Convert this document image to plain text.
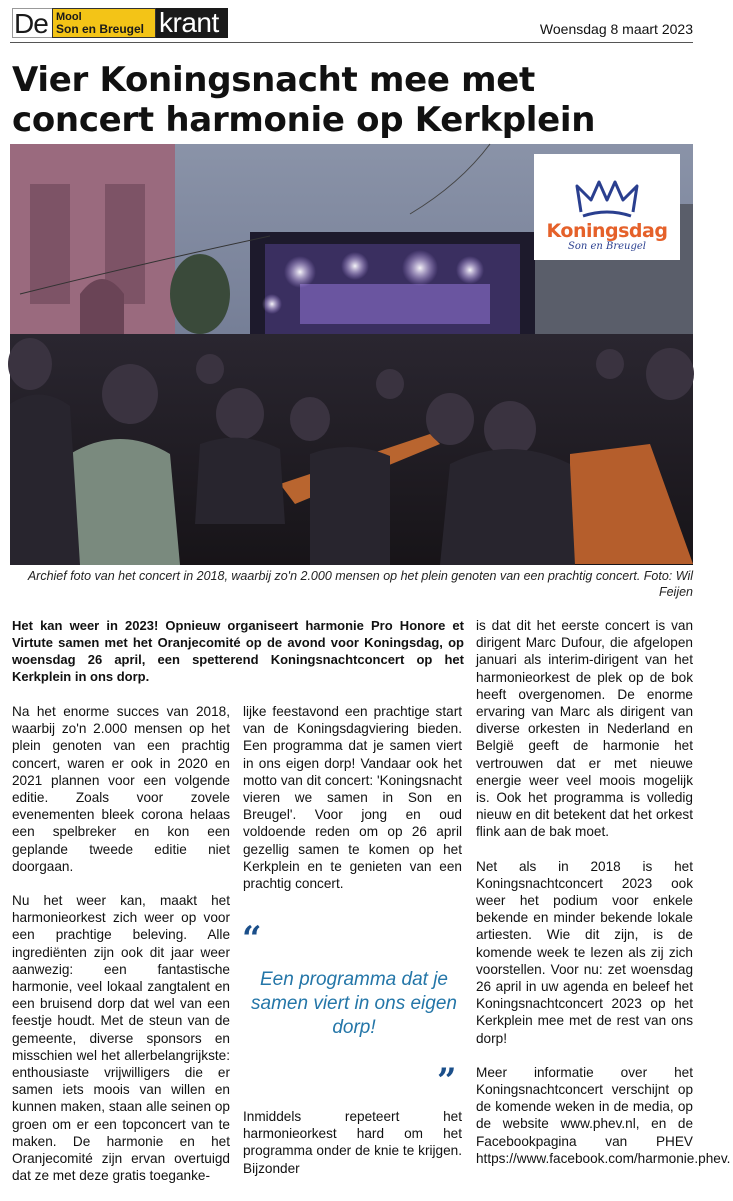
De Mool
Son en Breugel krant	Woensdag 8 maart 2023
Vier Koningsnacht mee met concert harmonie op Kerkplein
Koningsdag
Son en Breugel
Archief foto van het concert in 2018, waarbij zo'n 2.000 mensen op het plein genoten van een prachtig concert. Foto: Wil Feijen
Het kan weer in 2023! Opnieuw organiseert harmonie Pro Honore et Virtute samen met het Oranjecomité op de avond voor Koningsdag, op woensdag 26 april, een spetterend Koningsnachtconcert op het Kerkplein in ons dorp.

Na het enorme succes van 2018, waarbij zo'n 2.000 mensen op het plein genoten van een prachtig concert, waren er ook in 2020 en 2021 plannen voor een volgende editie. Zoals voor zovele evenementen bleek corona helaas een spelbreker en kon een geplande tweede editie niet doorgaan.

Nu het weer kan, maakt het harmonieorkest zich weer op voor een prachtige beleving. Alle ingrediënten zijn ook dit jaar weer aanwezig: een fantastische harmonie, veel lokaal zangtalent en een bruisend dorp dat wel van een feestje houdt. Met de steun van de gemeente, diverse sponsors en misschien wel het allerbelangrijkste: enthousiaste vrijwilligers die er samen iets moois van willen en kunnen maken, staan alle seinen op groen om er een topconcert van te maken. De harmonie en het Oranjecomité zijn ervan overtuigd dat ze met deze gratis toeganke-

lijke feestavond een prachtige start van de Koningsdagviering bieden. Een programma dat je samen viert in ons eigen dorp! Vandaar ook het motto van dit concert: 'Koningsnacht vieren we samen in Son en Breugel'. Voor jong en oud voldoende reden om op 26 april gezellig samen te komen op het Kerkplein en te genieten van een prachtig concert.

“
Een programma dat je samen viert in ons eigen dorp!
”

Inmiddels repeteert het harmonieorkest hard om het programma onder de knie te krijgen. Bijzonder

is dat dit het eerste concert is van dirigent Marc Dufour, die afgelopen januari als interim-dirigent van het harmonieorkest de plek op de bok heeft overgenomen. De enorme ervaring van Marc als dirigent van diverse orkesten in Nederland en België geeft de harmonie het vertrouwen dat er met nieuwe energie weer veel moois mogelijk is. Ook het programma is volledig nieuw en dit betekent dat het orkest flink aan de bak moet.

Net als in 2018 is het Koningsnachtconcert 2023 ook weer het podium voor enkele bekende en minder bekende lokale artiesten. Wie dit zijn, is de komende week te lezen als zij zich voorstellen. Voor nu: zet woensdag 26 april in uw agenda en beleef het Koningsnachtconcert 2023 op het Kerkplein mee met de rest van ons dorp!

Meer informatie over het Koningsnachtconcert verschijnt op de komende weken in de media, op de website www.phev.nl, en de Facebookpagina van PHEV https://www.facebook.com/harmonie.phev.
